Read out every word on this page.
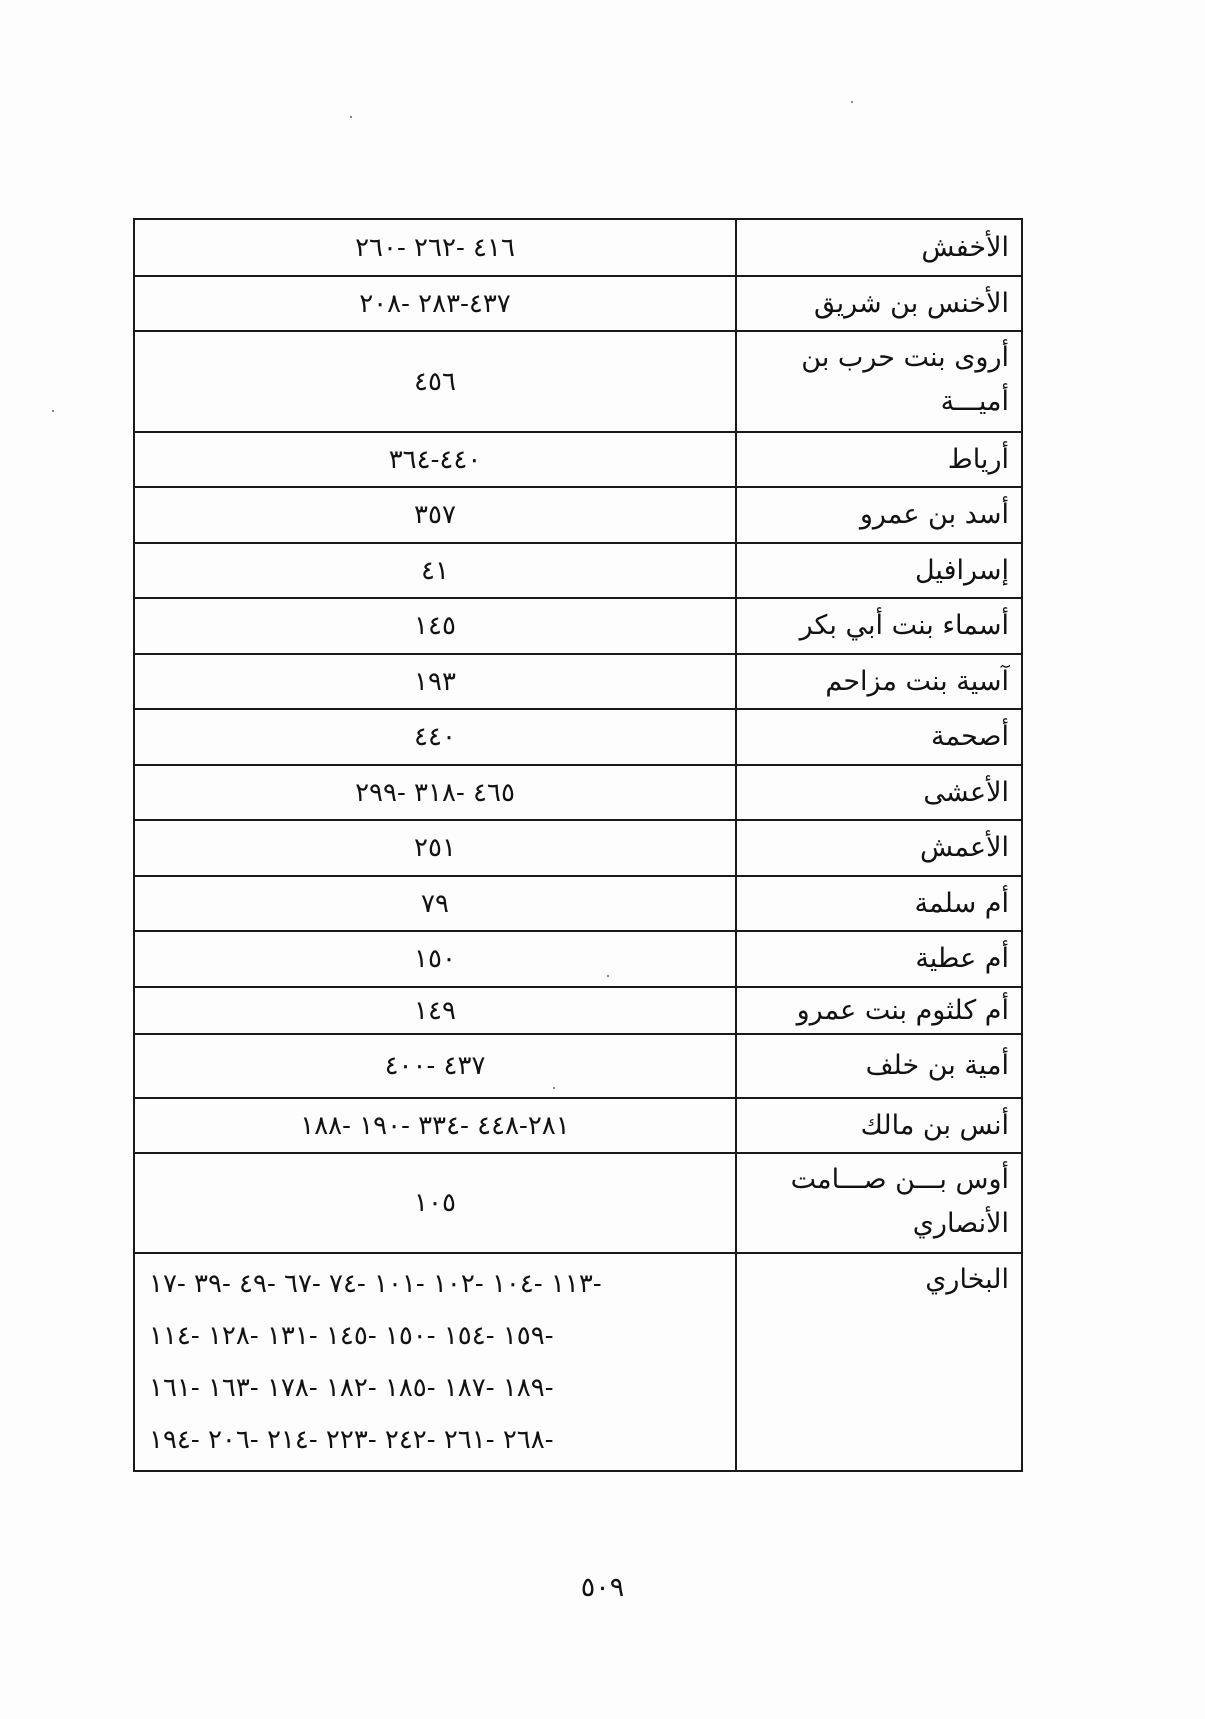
الأخفش	٤١٦ -٢٦٢ -٢٦٠
الأخنس بن شريق	٤٣٧-٢٨٣ -٢٠٨
أروى بنت حرب بن أميـــة	٤٥٦
أرياط	٤٤٠-٣٦٤
أسد بن عمرو	٣٥٧
إسرافيل	٤١
أسماء بنت أبي بكر	١٤٥
آسية بنت مزاحم	١٩٣
أصحمة	٤٤٠
الأعشى	٤٦٥ -٣١٨ -٢٩٩
الأعمش	٢٥١
أم سلمة	٧٩
أم عطية	١٥٠
أم كلثوم بنت عمرو	١٤٩
أمية بن خلف	٤٣٧ -٤٠٠
أنس بن مالك	٢٨١-٤٤٨ -٣٣٤ -١٩٠ -١٨٨
أوس بـــن صـــامت الأنصاري	١٠٥
البخاري	-١١٣ -١٠٤ -١٠٢ -١٠١ -٧٤ -٦٧ -٤٩ -٣٩ -١٧
-١٥٩ -١٥٤ -١٥٠ -١٤٥ -١٣١ -١٢٨ -١١٤
-١٨٩ -١٨٧ -١٨٥ -١٨٢ -١٧٨ -١٦٣ -١٦١
-٢٦٨ -٢٦١ -٢٤٢ -٢٢٣ -٢١٤ -٢٠٦ -١٩٤
٥٠٩
